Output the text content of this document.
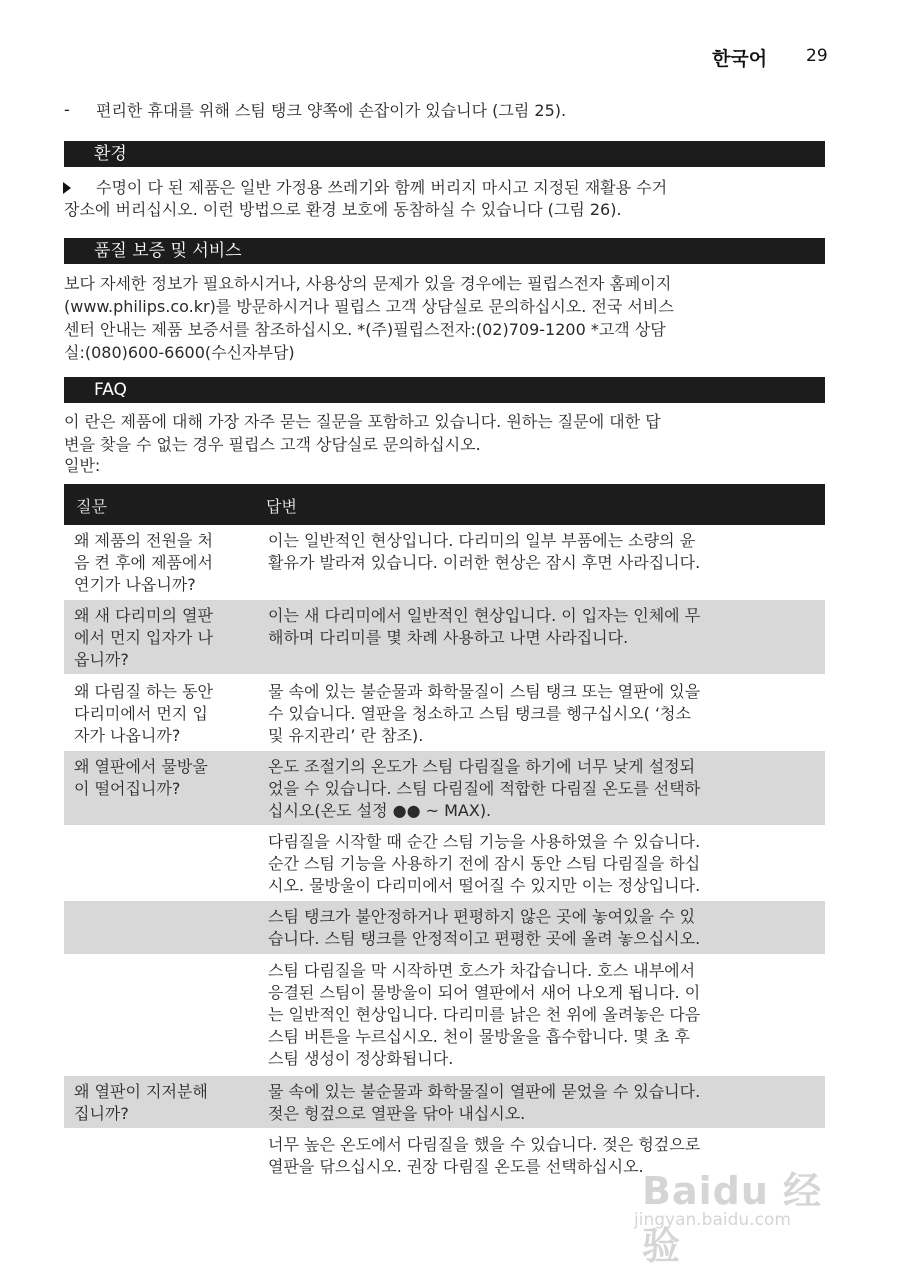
한국어 29
- 편리한 휴대를 위해 스팀 탱크 양쪽에 손잡이가 있습니다 (그림 25).
환경
수명이 다 된 제품은 일반 가정용 쓰레기와 함께 버리지 마시고 지정된 재활용 수거
장소에 버리십시오. 이런 방법으로 환경 보호에 동참하실 수 있습니다 (그림 26).
품질 보증 및 서비스
보다 자세한 정보가 필요하시거나, 사용상의 문제가 있을 경우에는 필립스전자 홈페이지
(www.philips.co.kr)를 방문하시거나 필립스 고객 상담실로 문의하십시오. 전국 서비스
센터 안내는 제품 보증서를 참조하십시오. *(주)필립스전자:(02)709-1200 *고객 상담
실:(080)600-6600(수신자부담)
FAQ
이 란은 제품에 대해 가장 자주 묻는 질문을 포함하고 있습니다. 원하는 질문에 대한 답
변을 찾을 수 없는 경우 필립스 고객 상담실로 문의하십시오.
일반:
질문	답변
왜 제품의 전원을 처
음 켠 후에 제품에서
연기가 나옵니까?
이는 일반적인 현상입니다. 다리미의 일부 부품에는 소량의 윤
활유가 발라져 있습니다. 이러한 현상은 잠시 후면 사라집니다.
왜 새 다리미의 열판
에서 먼지 입자가 나
옵니까?
이는 새 다리미에서 일반적인 현상입니다. 이 입자는 인체에 무
해하며 다리미를 몇 차례 사용하고 나면 사라집니다.
왜 다림질 하는 동안
다리미에서 먼지 입
자가 나옵니까?
물 속에 있는 불순물과 화학물질이 스팀 탱크 또는 열판에 있을
수 있습니다. 열판을 청소하고 스팀 탱크를 헹구십시오( ‘청소
및 유지관리’ 란 참조).
왜 열판에서 물방울
이 떨어집니까?
온도 조절기의 온도가 스팀 다림질을 하기에 너무 낮게 설정되
었을 수 있습니다. 스팀 다림질에 적합한 다림질 온도를 선택하
십시오(온도 설정 ●● ~ MAX).
다림질을 시작할 때 순간 스팀 기능을 사용하였을 수 있습니다.
순간 스팀 기능을 사용하기 전에 잠시 동안 스팀 다림질을 하십
시오. 물방울이 다리미에서 떨어질 수 있지만 이는 정상입니다.
스팀 탱크가 불안정하거나 편평하지 않은 곳에 놓여있을 수 있
습니다. 스팀 탱크를 안정적이고 편평한 곳에 올려 놓으십시오.
스팀 다림질을 막 시작하면 호스가 차갑습니다. 호스 내부에서
응결된 스팀이 물방울이 되어 열판에서 새어 나오게 됩니다. 이
는 일반적인 현상입니다. 다리미를 낡은 천 위에 올려놓은 다음
스팀 버튼을 누르십시오. 천이 물방울을 흡수합니다. 몇 초 후
스팀 생성이 정상화됩니다.
왜 열판이 지저분해
집니까?
물 속에 있는 불순물과 화학물질이 열판에 묻었을 수 있습니다.
젖은 헝겊으로 열판을 닦아 내십시오.
너무 높은 온도에서 다림질을 했을 수 있습니다. 젖은 헝겊으로
열판을 닦으십시오. 권장 다림질 온도를 선택하십시오.
Baidu 经验
jingyan.baidu.com
